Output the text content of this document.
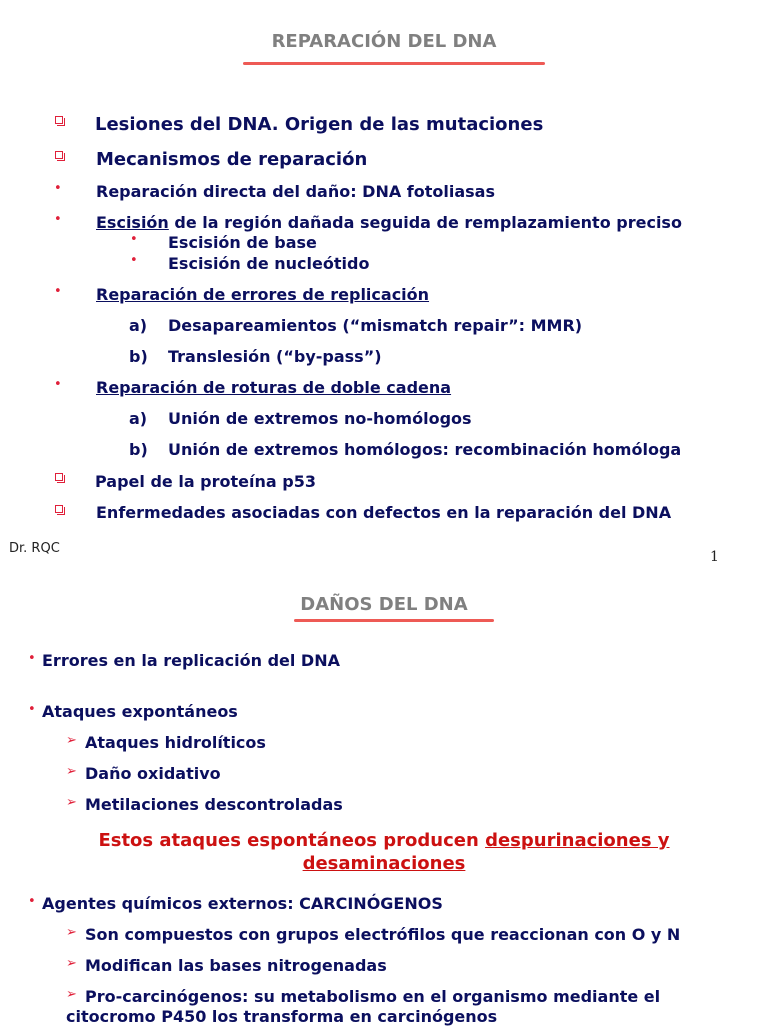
REPARACIÓN DEL DNA
Lesiones del DNA. Origen de las mutaciones
Mecanismos de reparación
• Reparación directa del daño: DNA fotoliasas
• Escisión de la región dañada seguida de remplazamiento preciso
• Escisión de base
• Escisión de nucleótido
• Reparación de errores de replicación
a) Desapareamientos (“mismatch repair”: MMR)
b) Translesión (“by-pass”)
• Reparación de roturas de doble cadena
a) Unión de extremos no-homólogos
b) Unión de extremos homólogos: recombinación homóloga
Papel de la proteína p53
Enfermedades asociadas con defectos en la reparación del DNA
Dr. RQC
1
DAÑOS DEL DNA
• Errores en la replicación del DNA
• Ataques expontáneos
➢ Ataques hidrolíticos
➢ Daño oxidativo
➢ Metilaciones descontroladas
Estos ataques espontáneos producen despurinaciones y
desaminaciones
• Agentes químicos externos: CARCINÓGENOS
➢ Son compuestos con grupos electrófilos que reaccionan con O y N
➢ Modifican las bases nitrogenadas
➢ Pro-carcinógenos: su metabolismo en el organismo mediante el
citocromo P450 los transforma en carcinógenos
